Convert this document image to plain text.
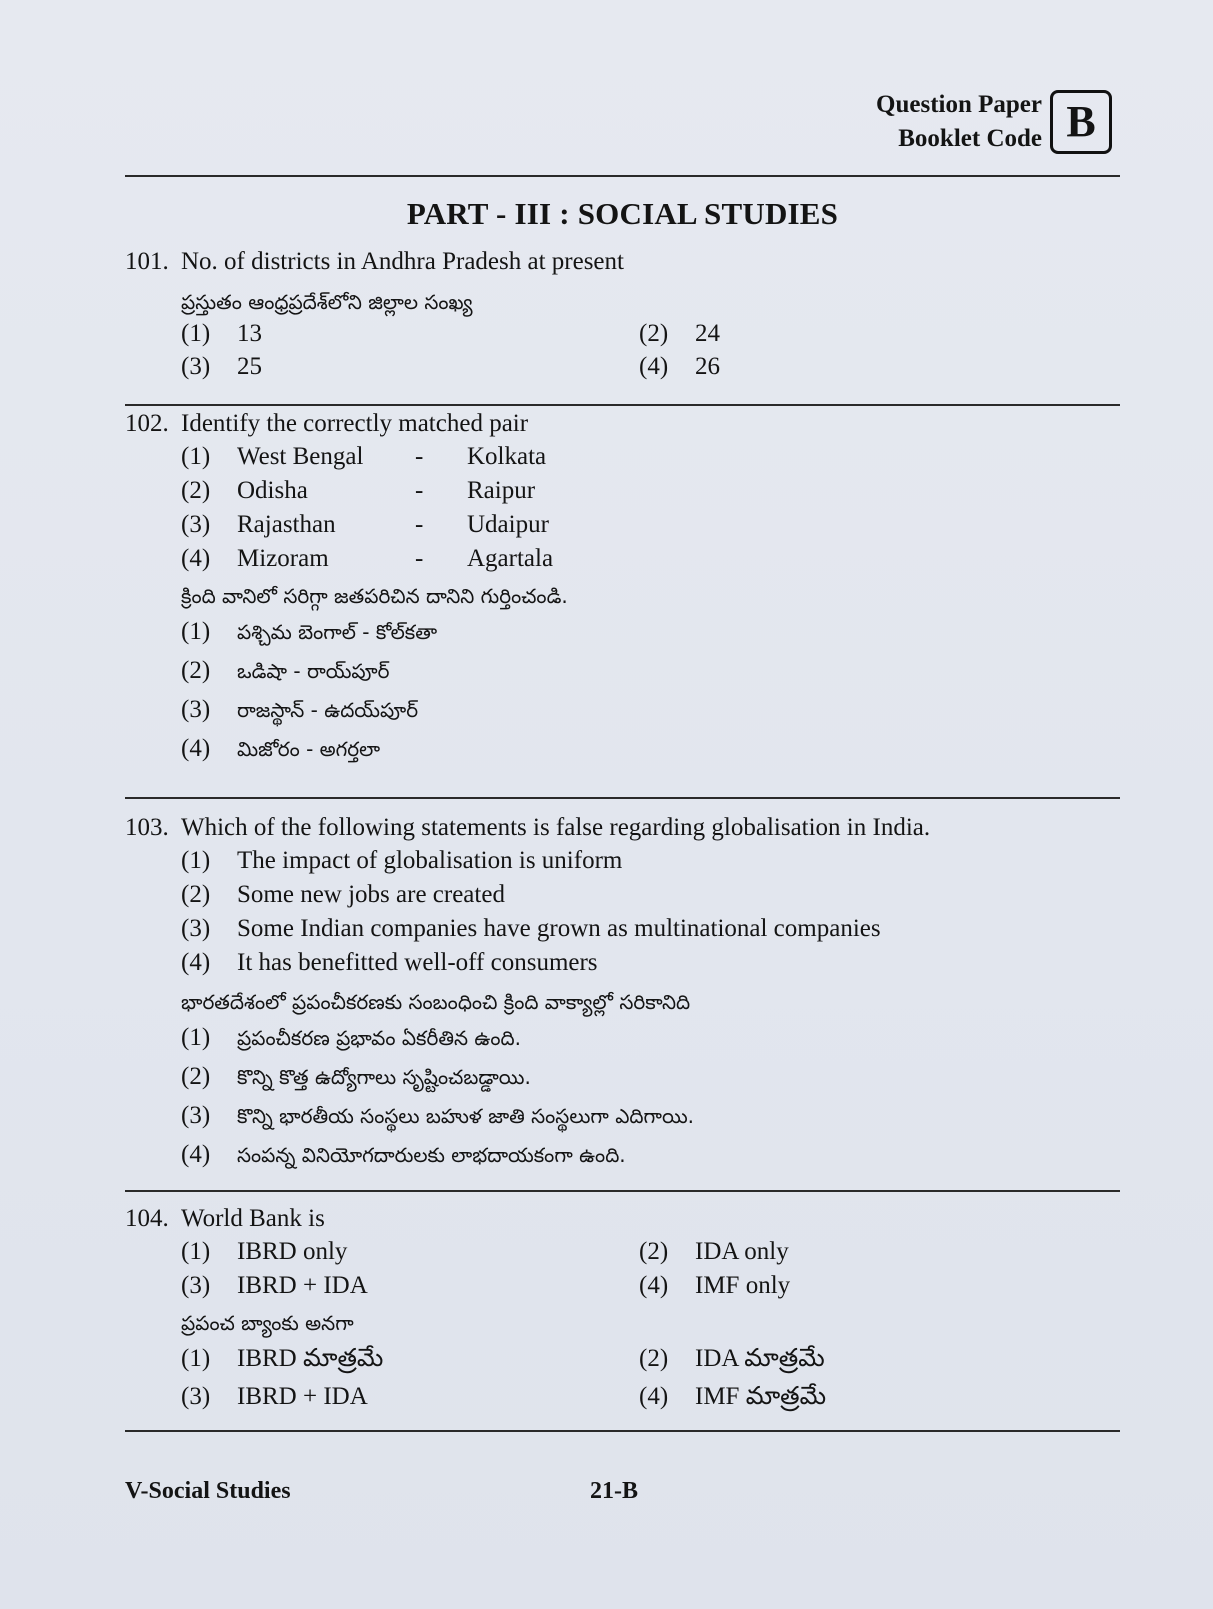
Question Paper
Booklet Code B
PART - III : SOCIAL STUDIES
101. No. of districts in Andhra Pradesh at present
ప్రస్తుతం ఆంధ్రప్రదేశ్‌లోని జిల్లాల సంఖ్య
(1) 13	(2) 24
(3) 25	(4) 26
102. Identify the correctly matched pair
(1) West Bengal - Kolkata
(2) Odisha	- Raipur
(3) Rajasthan	- Udaipur
(4) Mizoram	- Agartala
క్రింది వానిలో సరిగ్గా జతపరిచిన దానిని గుర్తించండి.
(1) పశ్చిమ బెంగాల్ - కోల్‌కతా
(2) ఒడిషా - రాయ్‌పూర్
(3) రాజస్థాన్ - ఉదయ్‌పూర్
(4) మిజోరం - అగర్తలా
103. Which of the following statements is false regarding globalisation in India.
(1) The impact of globalisation is uniform
(2) Some new jobs are created
(3) Some Indian companies have grown as multinational companies
(4) It has benefitted well-off consumers
భారతదేశంలో ప్రపంచీకరణకు సంబంధించి క్రింది వాక్యాల్లో సరికానిది
(1) ప్రపంచీకరణ ప్రభావం ఏకరీతిన ఉంది.
(2) కొన్ని కొత్త ఉద్యోగాలు సృష్టించబడ్డాయి.
(3) కొన్ని భారతీయ సంస్థలు బహుళ జాతి సంస్థలుగా ఎదిగాయి.
(4) సంపన్న వినియోగదారులకు లాభదాయకంగా ఉంది.
104. World Bank is
(1) IBRD only	(2) IDA only
(3) IBRD + IDA	(4) IMF only
ప్రపంచ బ్యాంకు అనగా
(1) IBRD మాత్రమే	(2) IDA మాత్రమే
(3) IBRD + IDA	(4) IMF మాత్రమే
V-Social Studies	21-B
